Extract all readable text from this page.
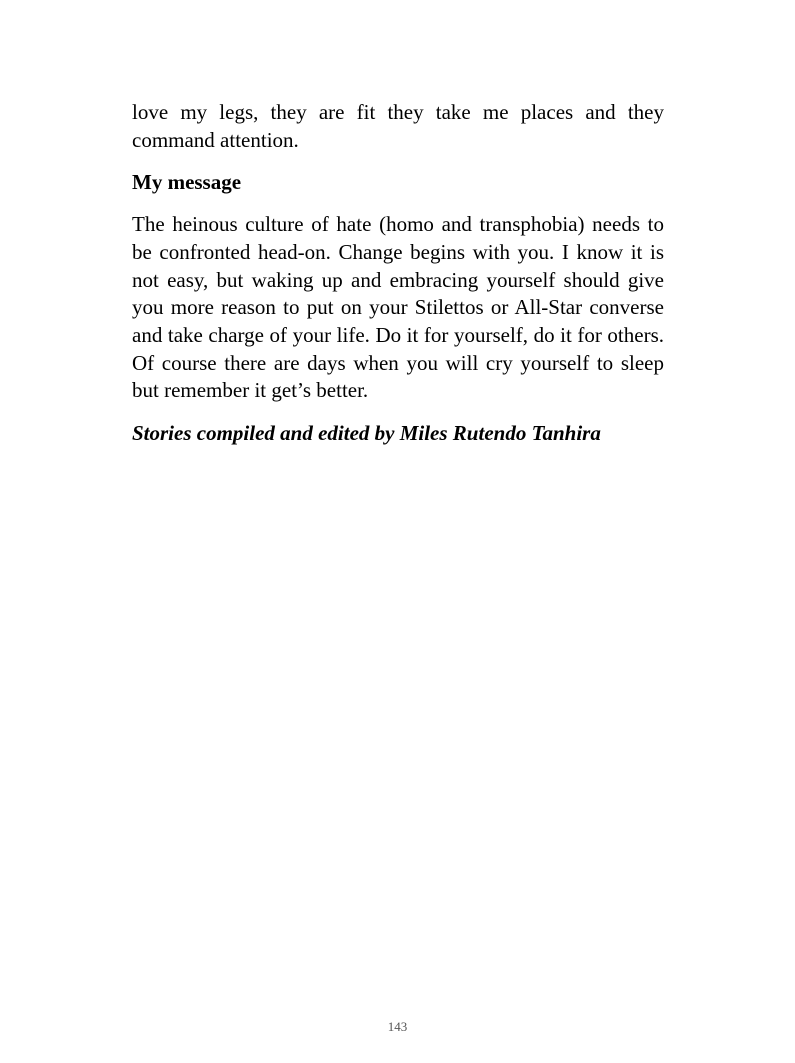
love my legs, they are fit they take me places and they command attention.

My message

The heinous culture of hate (homo and transphobia) needs to be confronted head-on. Change begins with you. I know it is not easy, but waking up and embracing yourself should give you more reason to put on your Stilettos or All-Star converse and take charge of your life. Do it for yourself, do it for others. Of course there are days when you will cry yourself to sleep but remember it get’s better.

Stories compiled and edited by Miles Rutendo Tanhira

143
